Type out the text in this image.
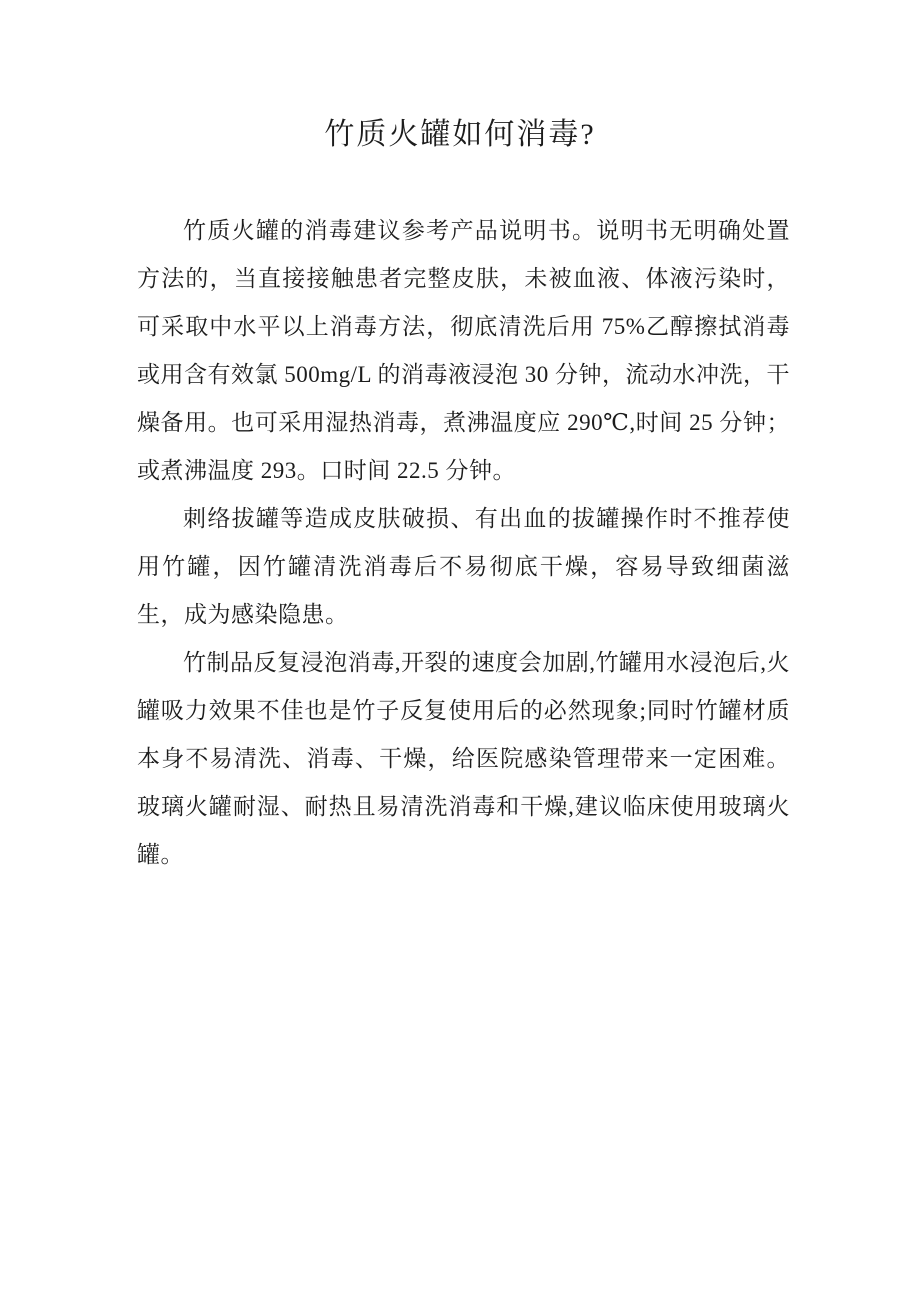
竹质火罐如何消毒?

竹质火罐的消毒建议参考产品说明书。说明书无明确处置方法的，当直接接触患者完整皮肤，未被血液、体液污染时，可采取中水平以上消毒方法，彻底清洗后用 75%乙醇擦拭消毒或用含有效氯 500mg/L 的消毒液浸泡 30 分钟，流动水冲洗，干燥备用。也可采用湿热消毒，煮沸温度应 290℃,时间 25 分钟；或煮沸温度 293。口时间 22.5 分钟。

刺络拔罐等造成皮肤破损、有出血的拔罐操作时不推荐使用竹罐，因竹罐清洗消毒后不易彻底干燥，容易导致细菌滋生，成为感染隐患。

竹制品反复浸泡消毒,开裂的速度会加剧,竹罐用水浸泡后,火罐吸力效果不佳也是竹子反复使用后的必然现象;同时竹罐材质本身不易清洗、消毒、干燥，给医院感染管理带来一定困难。玻璃火罐耐湿、耐热且易清洗消毒和干燥,建议临床使用玻璃火罐。
